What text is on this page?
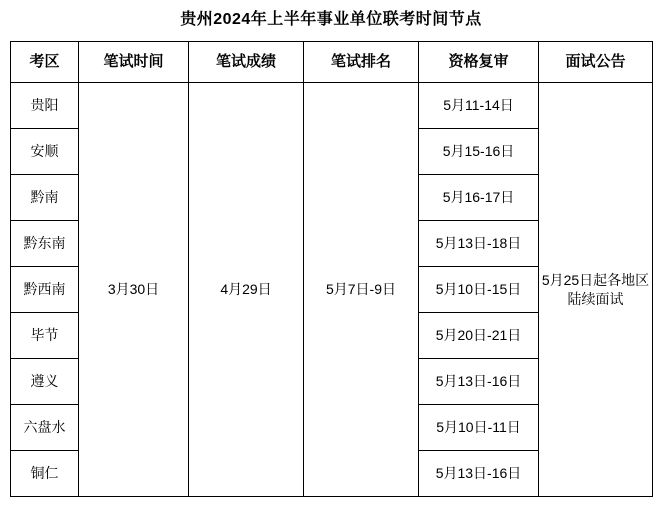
贵州2024年上半年事业单位联考时间节点
考区	笔试时间	笔试成绩	笔试排名	资格复审	面试公告
贵阳	3月30日	4月29日	5月7日-9日	5月11-14日	5月25日起各地区陆续面试
安顺				5月15-16日	
黔南				5月16-17日	
黔东南				5月13日-18日	
黔西南				5月10日-15日	
毕节				5月20日-21日	
遵义				5月13日-16日	
六盘水				5月10日-11日	
铜仁				5月13日-16日	
